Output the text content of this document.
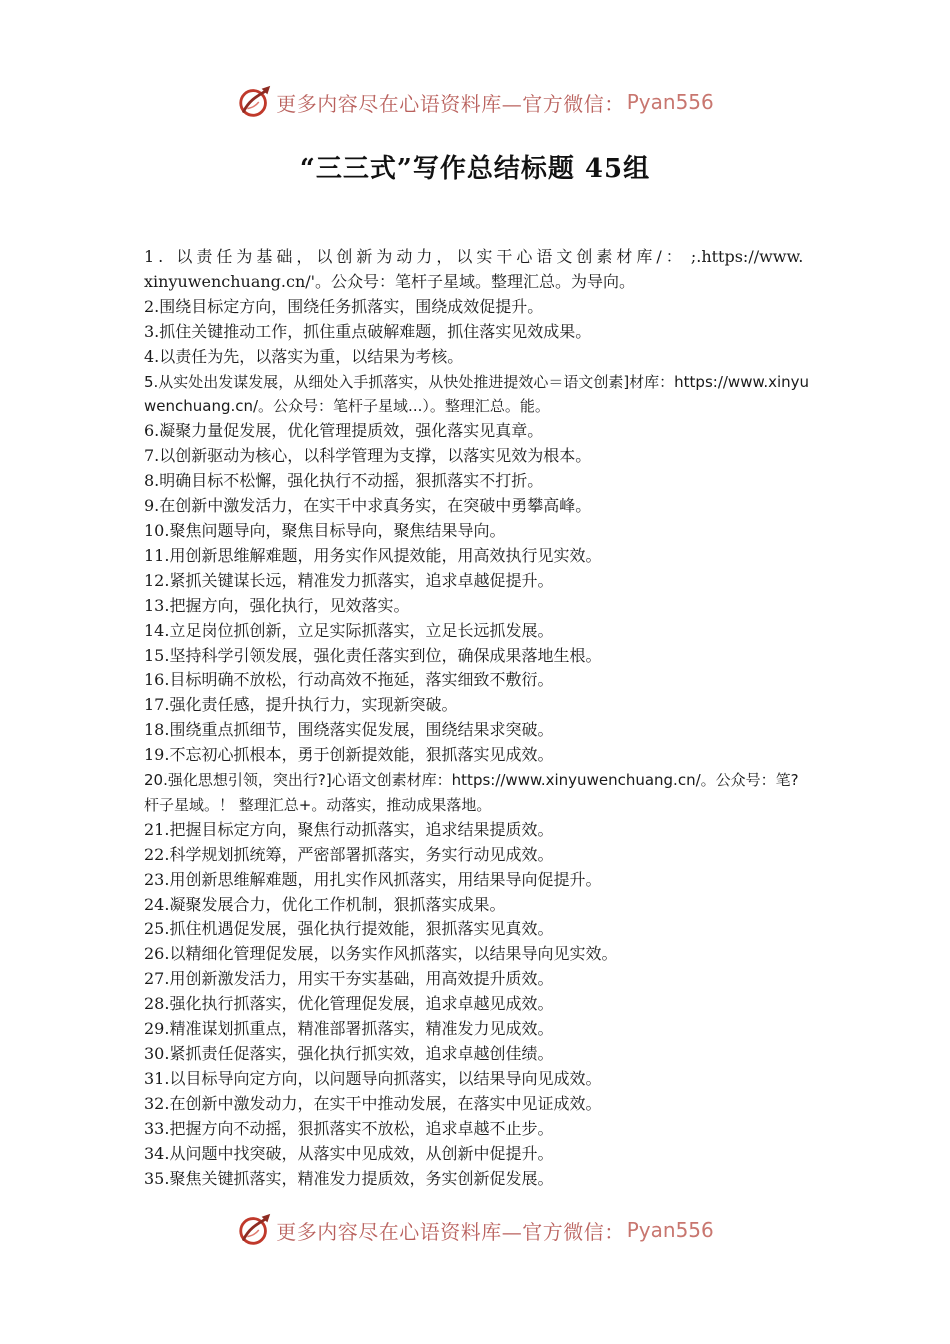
更多内容尽在心语资料库—官方微信： Pyan556
“三三式”写作总结标题 45组
1. 以责任为基础，以创新为动力，以实干心语文创素材库/： ;.https://www.xinyuwenchuang.cn/'。公众号：笔杆子星域。整理汇总。为导向。
2.围绕目标定方向，围绕任务抓落实，围绕成效促提升。
3.抓住关键推动工作，抓住重点破解难题，抓住落实见效成果。
4.以责任为先，以落实为重，以结果为考核。
5.从实处出发谋发展，从细处入手抓落实，从快处推进提效心＝语文创素]材库：https://www.xinyuwenchuang.cn/。公众号：笔杆子星域...）。整理汇总。能。
6.凝聚力量促发展，优化管理提质效，强化落实见真章。
7.以创新驱动为核心，以科学管理为支撑，以落实见效为根本。
8.明确目标不松懈，强化执行不动摇，狠抓落实不打折。
9.在创新中激发活力，在实干中求真务实，在突破中勇攀高峰。
10.聚焦问题导向，聚焦目标导向，聚焦结果导向。
11.用创新思维解难题，用务实作风提效能，用高效执行见实效。
12.紧抓关键谋长远，精准发力抓落实，追求卓越促提升。
13.把握方向，强化执行，见效落实。
14.立足岗位抓创新，立足实际抓落实，立足长远抓发展。
15.坚持科学引领发展，强化责任落实到位，确保成果落地生根。
16.目标明确不放松，行动高效不拖延，落实细致不敷衍。
17.强化责任感，提升执行力，实现新突破。
18.围绕重点抓细节，围绕落实促发展，围绕结果求突破。
19.不忘初心抓根本，勇于创新提效能，狠抓落实见成效。
20.强化思想引领，突出行?]心语文创素材库：https://www.xinyuwenchuang.cn/。公众号：笔?杆子星域。！ 整理汇总+。动落实，推动成果落地。
21.把握目标定方向，聚焦行动抓落实，追求结果提质效。
22.科学规划抓统筹，严密部署抓落实，务实行动见成效。
23.用创新思维解难题，用扎实作风抓落实，用结果导向促提升。
24.凝聚发展合力，优化工作机制，狠抓落实成果。
25.抓住机遇促发展，强化执行提效能，狠抓落实见真效。
26.以精细化管理促发展，以务实作风抓落实，以结果导向见实效。
27.用创新激发活力，用实干夯实基础，用高效提升质效。
28.强化执行抓落实，优化管理促发展，追求卓越见成效。
29.精准谋划抓重点，精准部署抓落实，精准发力见成效。
30.紧抓责任促落实，强化执行抓实效，追求卓越创佳绩。
31.以目标导向定方向，以问题导向抓落实，以结果导向见成效。
32.在创新中激发动力，在实干中推动发展，在落实中见证成效。
33.把握方向不动摇，狠抓落实不放松，追求卓越不止步。
34.从问题中找突破，从落实中见成效，从创新中促提升。
35.聚焦关键抓落实，精准发力提质效，务实创新促发展。
更多内容尽在心语资料库—官方微信： Pyan556
